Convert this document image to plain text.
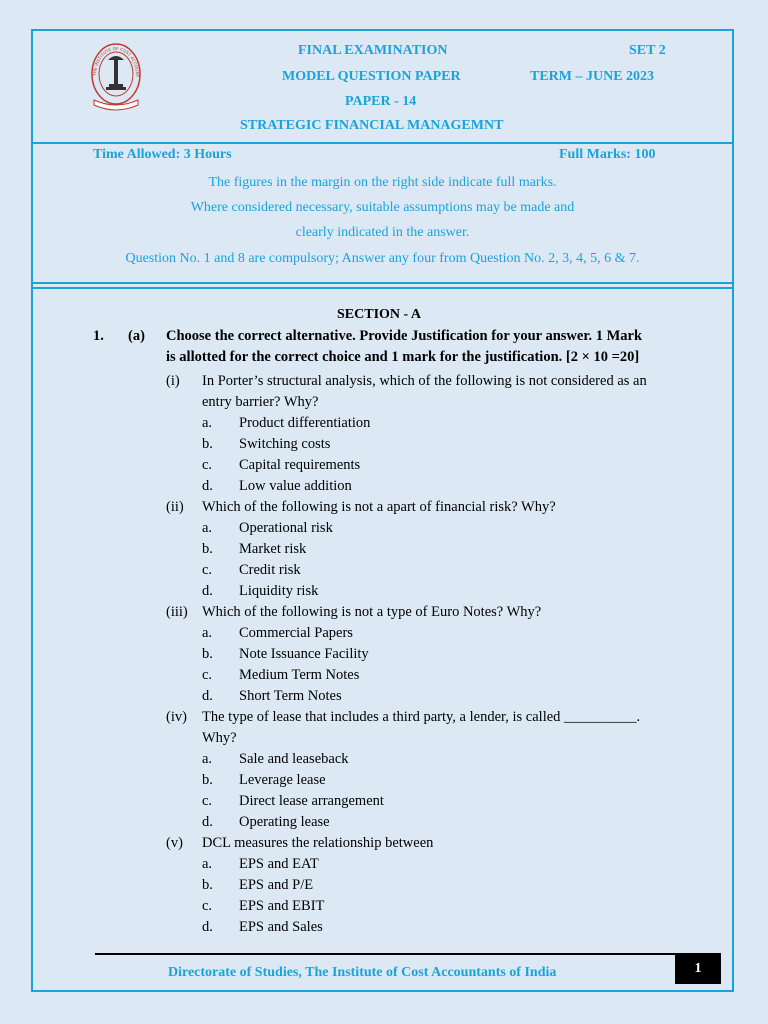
THE INSTITUTE OF COST ACCOUNT
FINAL EXAMINATION	SET 2
MODEL QUESTION PAPER	TERM – JUNE 2023
PAPER - 14
STRATEGIC FINANCIAL MANAGEMNT
Time Allowed: 3 Hours	Full Marks: 100
The figures in the margin on the right side indicate full marks.
Where considered necessary, suitable assumptions may be made and
clearly indicated in the answer.
Question No. 1 and 8 are compulsory; Answer any four from Question No. 2, 3, 4, 5, 6 & 7.
SECTION - A
1. (a) Choose the correct alternative. Provide Justification for your answer. 1 Mark
is allotted for the correct choice and 1 mark for the justification. [2 × 10 =20]
(i) In Porter’s structural analysis, which of the following is not considered as an
entry barrier? Why?
a. Product differentiation
b. Switching costs
c. Capital requirements
d. Low value addition
(ii) Which of the following is not a apart of financial risk? Why?
a. Operational risk
b. Market risk
c. Credit risk
d. Liquidity risk
(iii) Which of the following is not a type of Euro Notes? Why?
a. Commercial Papers
b. Note Issuance Facility
c. Medium Term Notes
d. Short Term Notes
(iv) The type of lease that includes a third party, a lender, is called __________.
Why?
a. Sale and leaseback
b. Leverage lease
c. Direct lease arrangement
d. Operating lease
(v) DCL measures the relationship between
a. EPS and EAT
b. EPS and P/E
c. EPS and EBIT
d. EPS and Sales
Directorate of Studies, The Institute of Cost Accountants of India	1
